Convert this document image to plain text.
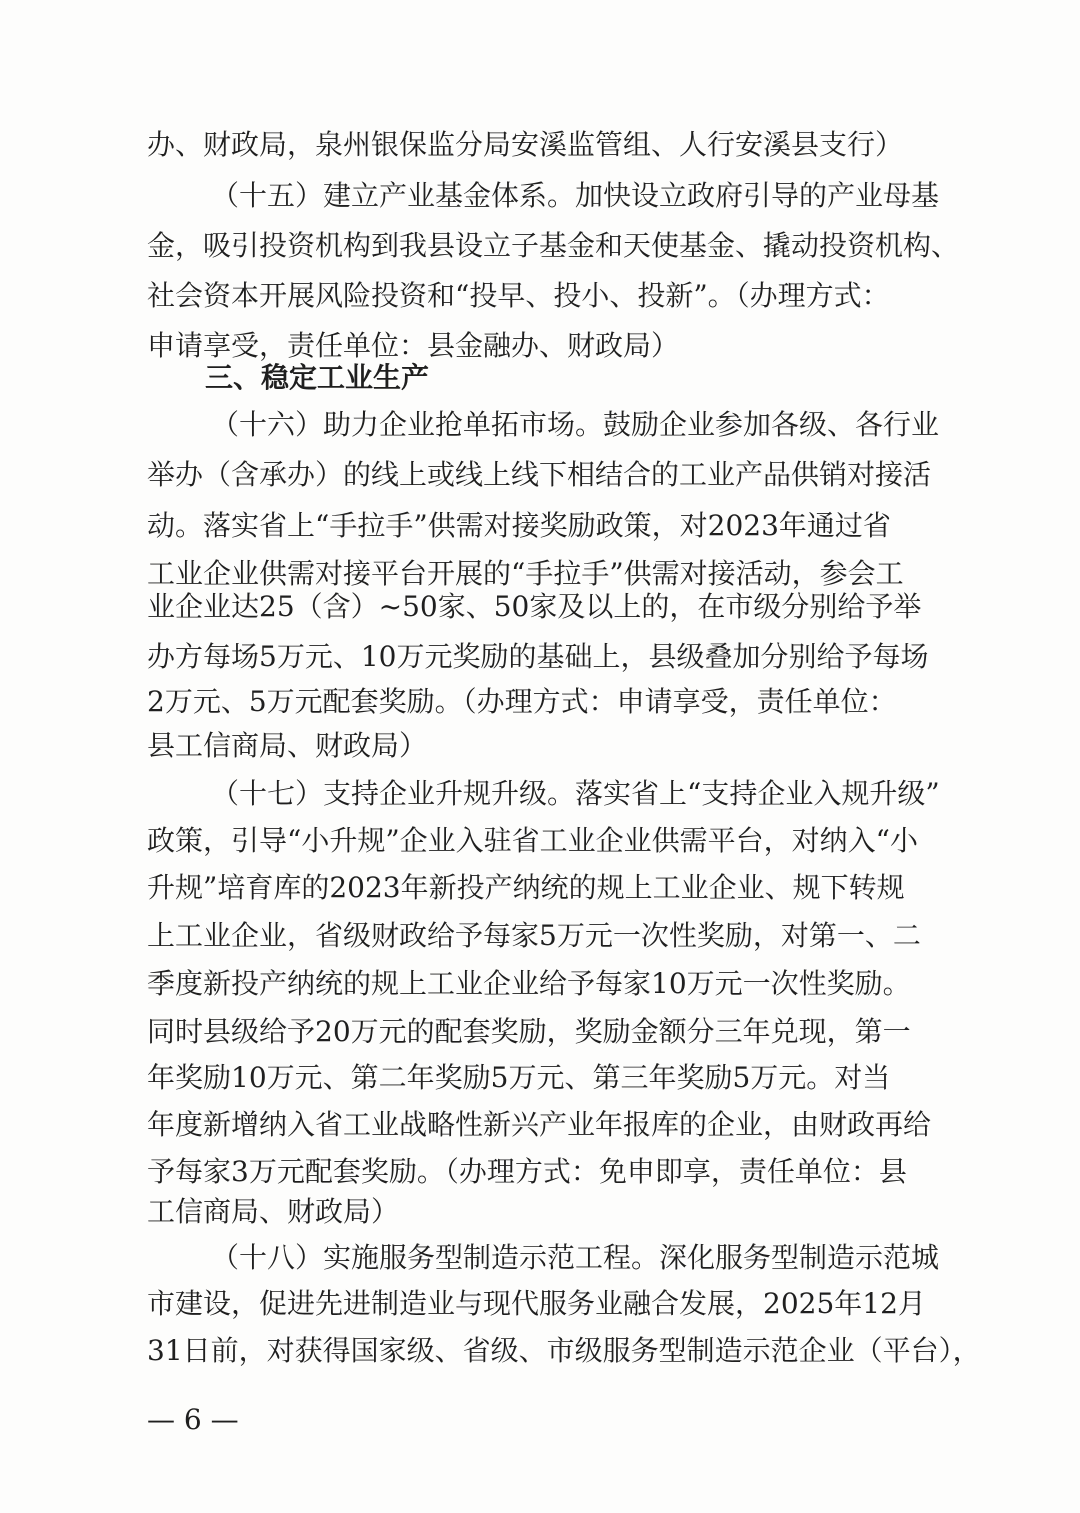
办、财政局，泉州银保监分局安溪监管组、人行安溪县支行）
（十五）建立产业基金体系。加快设立政府引导的产业母基
金，吸引投资机构到我县设立子基金和天使基金、撬动投资机构、
社会资本开展风险投资和“投早、投小、投新”。（办理方式：
申请享受，责任单位：县金融办、财政局）
三、稳定工业生产
（十六）助力企业抢单拓市场。鼓励企业参加各级、各行业
举办（含承办）的线上或线上线下相结合的工业产品供销对接活
动。落实省上“手拉手”供需对接奖励政策，对2023年通过省
工业企业供需对接平台开展的“手拉手”供需对接活动，参会工
业企业达25（含）~50家、50家及以上的，在市级分别给予举
办方每场5万元、10万元奖励的基础上，县级叠加分别给予每场
2万元、5万元配套奖励。（办理方式：申请享受，责任单位：
县工信商局、财政局）
（十七）支持企业升规升级。落实省上“支持企业入规升级”
政策，引导“小升规”企业入驻省工业企业供需平台，对纳入“小
升规”培育库的2023年新投产纳统的规上工业企业、规下转规
上工业企业，省级财政给予每家5万元一次性奖励，对第一、二
季度新投产纳统的规上工业企业给予每家10万元一次性奖励。
同时县级给予20万元的配套奖励，奖励金额分三年兑现，第一
年奖励10万元、第二年奖励5万元、第三年奖励5万元。对当
年度新增纳入省工业战略性新兴产业年报库的企业，由财政再给
予每家3万元配套奖励。（办理方式：免申即享，责任单位：县
工信商局、财政局）
（十八）实施服务型制造示范工程。深化服务型制造示范城
市建设，促进先进制造业与现代服务业融合发展，2025年12月
31日前，对获得国家级、省级、市级服务型制造示范企业（平台），
— 6 —
